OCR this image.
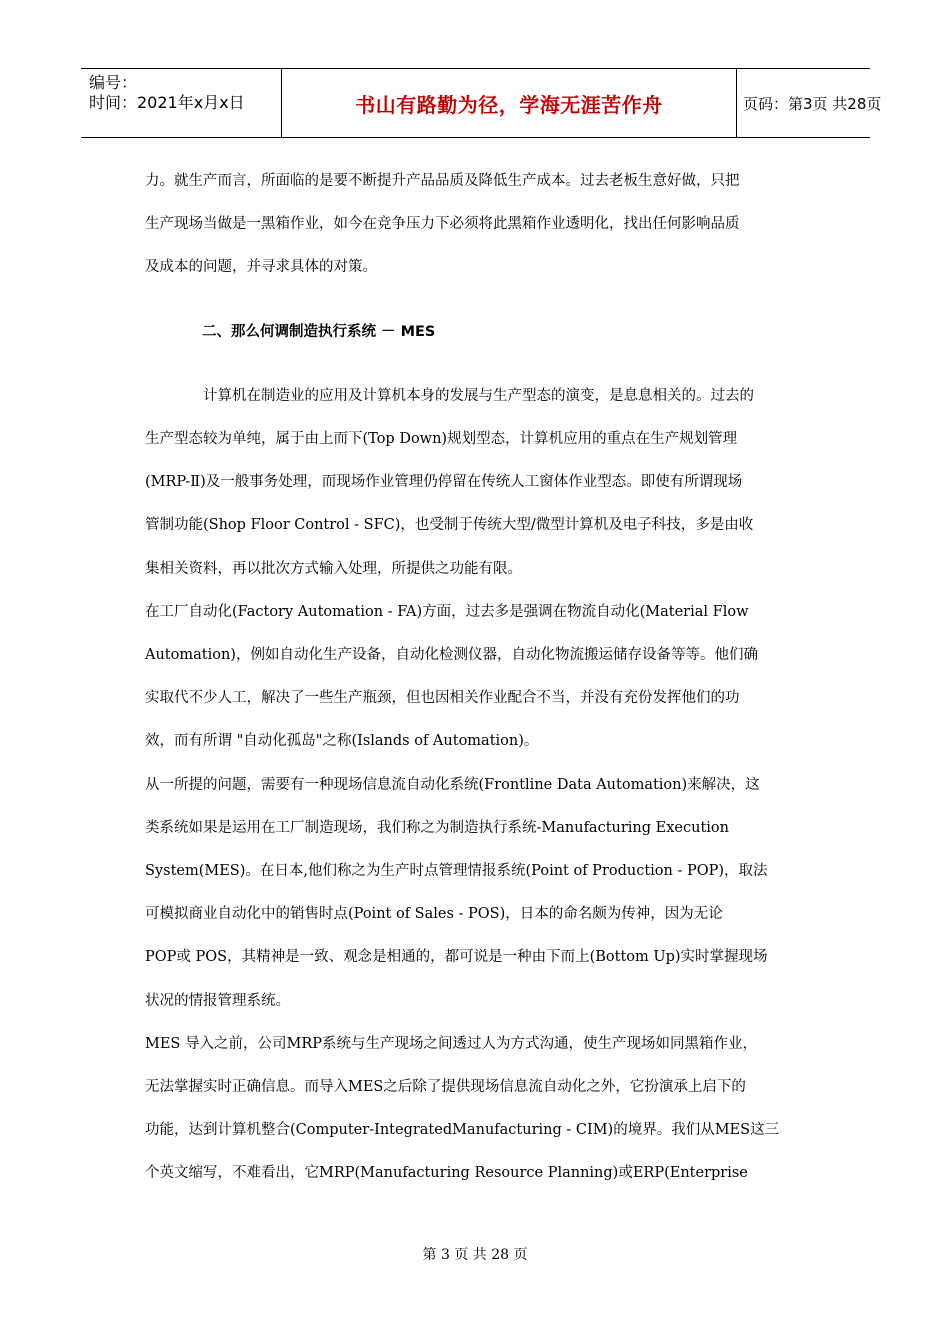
编号：
时间：2021年x月x日	书山有路勤为径，学海无涯苦作舟	页码：第3页 共28页

力。就生产而言，所面临的是要不断提升产品品质及降低生产成本。过去老板生意好做，只把

生产现场当做是一黑箱作业，如今在竞争压力下必须将此黑箱作业透明化，找出任何影响品质

及成本的问题，并寻求具体的对策。

二、那么何调制造执行系统 － MES

　　　　计算机在制造业的应用及计算机本身的发展与生产型态的演变，是息息相关的。过去的

生产型态较为单纯，属于由上而下(Top Down)规划型态，计算机应用的重点在生产规划管理

(MRP-Ⅱ)及一般事务处理，而现场作业管理仍停留在传统人工窗体作业型态。即使有所谓现场

管制功能(Shop Floor Control - SFC)，也受制于传统大型/微型计算机及电子科技，多是由收

集相关资料，再以批次方式输入处理，所提供之功能有限。

在工厂自动化(Factory Automation - FA)方面，过去多是强调在物流自动化(Material Flow

Automation)，例如自动化生产设备，自动化检测仪器，自动化物流搬运储存设备等等。他们确

实取代不少人工，解决了一些生产瓶颈，但也因相关作业配合不当，并没有充份发挥他们的功

效，而有所谓 "自动化孤岛"之称(Islands of Automation)。

从一所提的问题，需要有一种现场信息流自动化系统(Frontline Data Automation)来解决，这

类系统如果是运用在工厂制造现场，我们称之为制造执行系统-Manufacturing Execution

System(MES)。在日本,他们称之为生产时点管理情报系统(Point of Production - POP)，取法

可模拟商业自动化中的销售时点(Point of Sales - POS)，日本的命名颇为传神，因为无论

POP或 POS，其精神是一致、观念是相通的，都可说是一种由下而上(Bottom Up)实时掌握现场

状况的情报管理系统。

MES 导入之前，公司MRP系统与生产现场之间透过人为方式沟通，使生产现场如同黑箱作业，

无法掌握实时正确信息。而导入MES之后除了提供现场信息流自动化之外，它扮演承上启下的

功能，达到计算机整合(Computer-IntegratedManufacturing - CIM)的境界。我们从MES这三

个英文缩写，不难看出，它MRP(Manufacturing Resource Planning)或ERP(Enterprise

第 3 页 共 28 页
